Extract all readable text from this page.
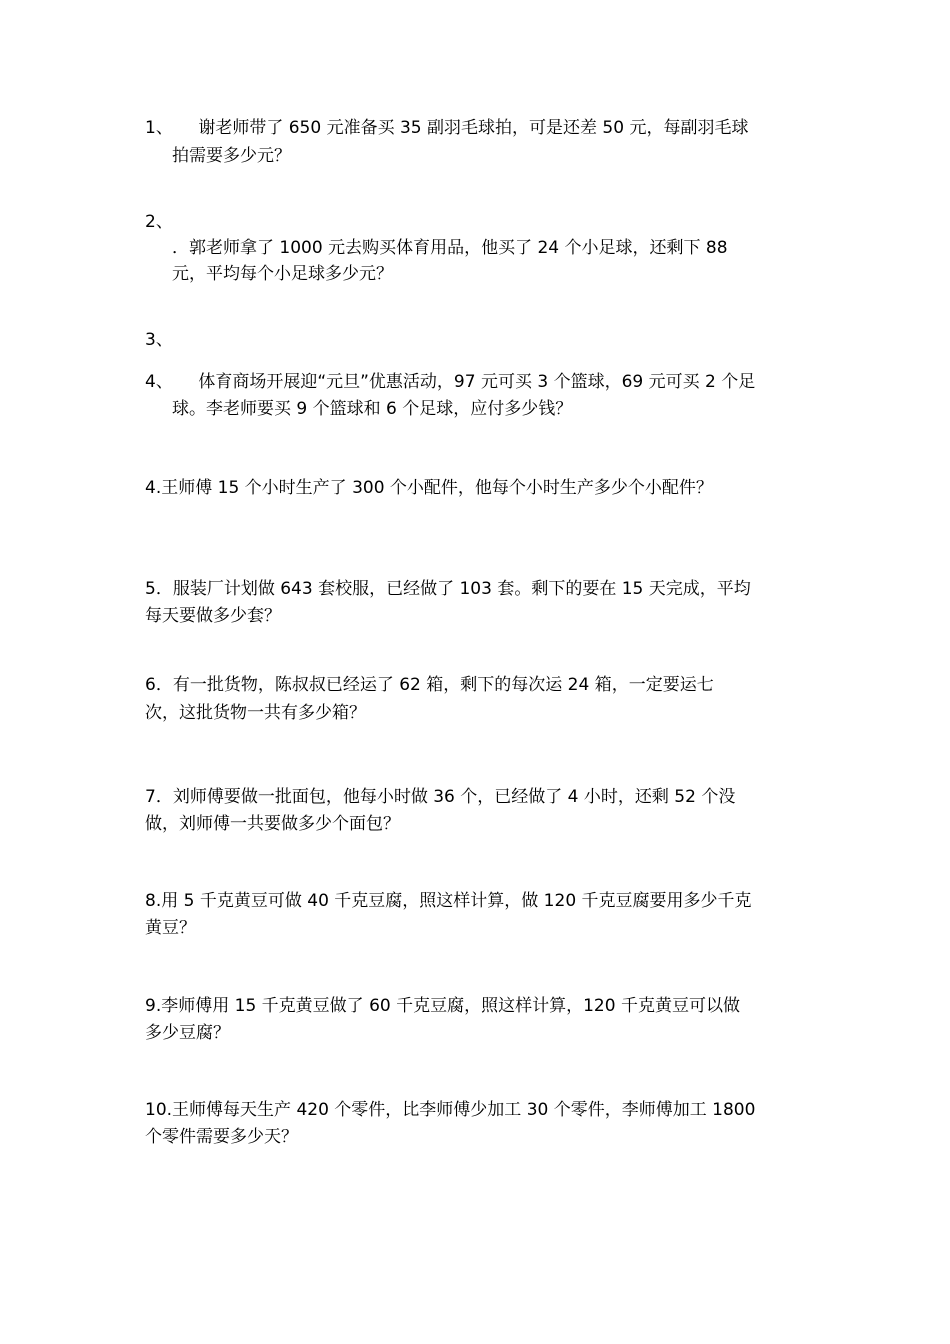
1、　　谢老师带了 650 元准备买 35 副羽毛球拍，可是还差 50 元，每副羽毛球
拍需要多少元？
2、
．郭老师拿了 1000 元去购买体育用品，他买了 24 个小足球，还剩下 88
元，平均每个小足球多少元？
3、
4、　　体育商场开展迎“元旦”优惠活动，97 元可买 3 个篮球，69 元可买 2 个足
球。李老师要买 9 个篮球和 6 个足球，应付多少钱？
4.王师傅 15 个小时生产了 300 个小配件，他每个小时生产多少个小配件？
5．服装厂计划做 643 套校服，已经做了 103 套。剩下的要在 15 天完成，平均
每天要做多少套？
6．有一批货物，陈叔叔已经运了 62 箱，剩下的每次运 24 箱，一定要运七
次，这批货物一共有多少箱？
7．刘师傅要做一批面包，他每小时做 36 个，已经做了 4 小时，还剩 52 个没
做，刘师傅一共要做多少个面包？
8.用 5 千克黄豆可做 40 千克豆腐，照这样计算，做 120 千克豆腐要用多少千克
黄豆？
9.李师傅用 15 千克黄豆做了 60 千克豆腐，照这样计算，120 千克黄豆可以做
多少豆腐？
10.王师傅每天生产 420 个零件，比李师傅少加工 30 个零件，李师傅加工 1800
个零件需要多少天？
